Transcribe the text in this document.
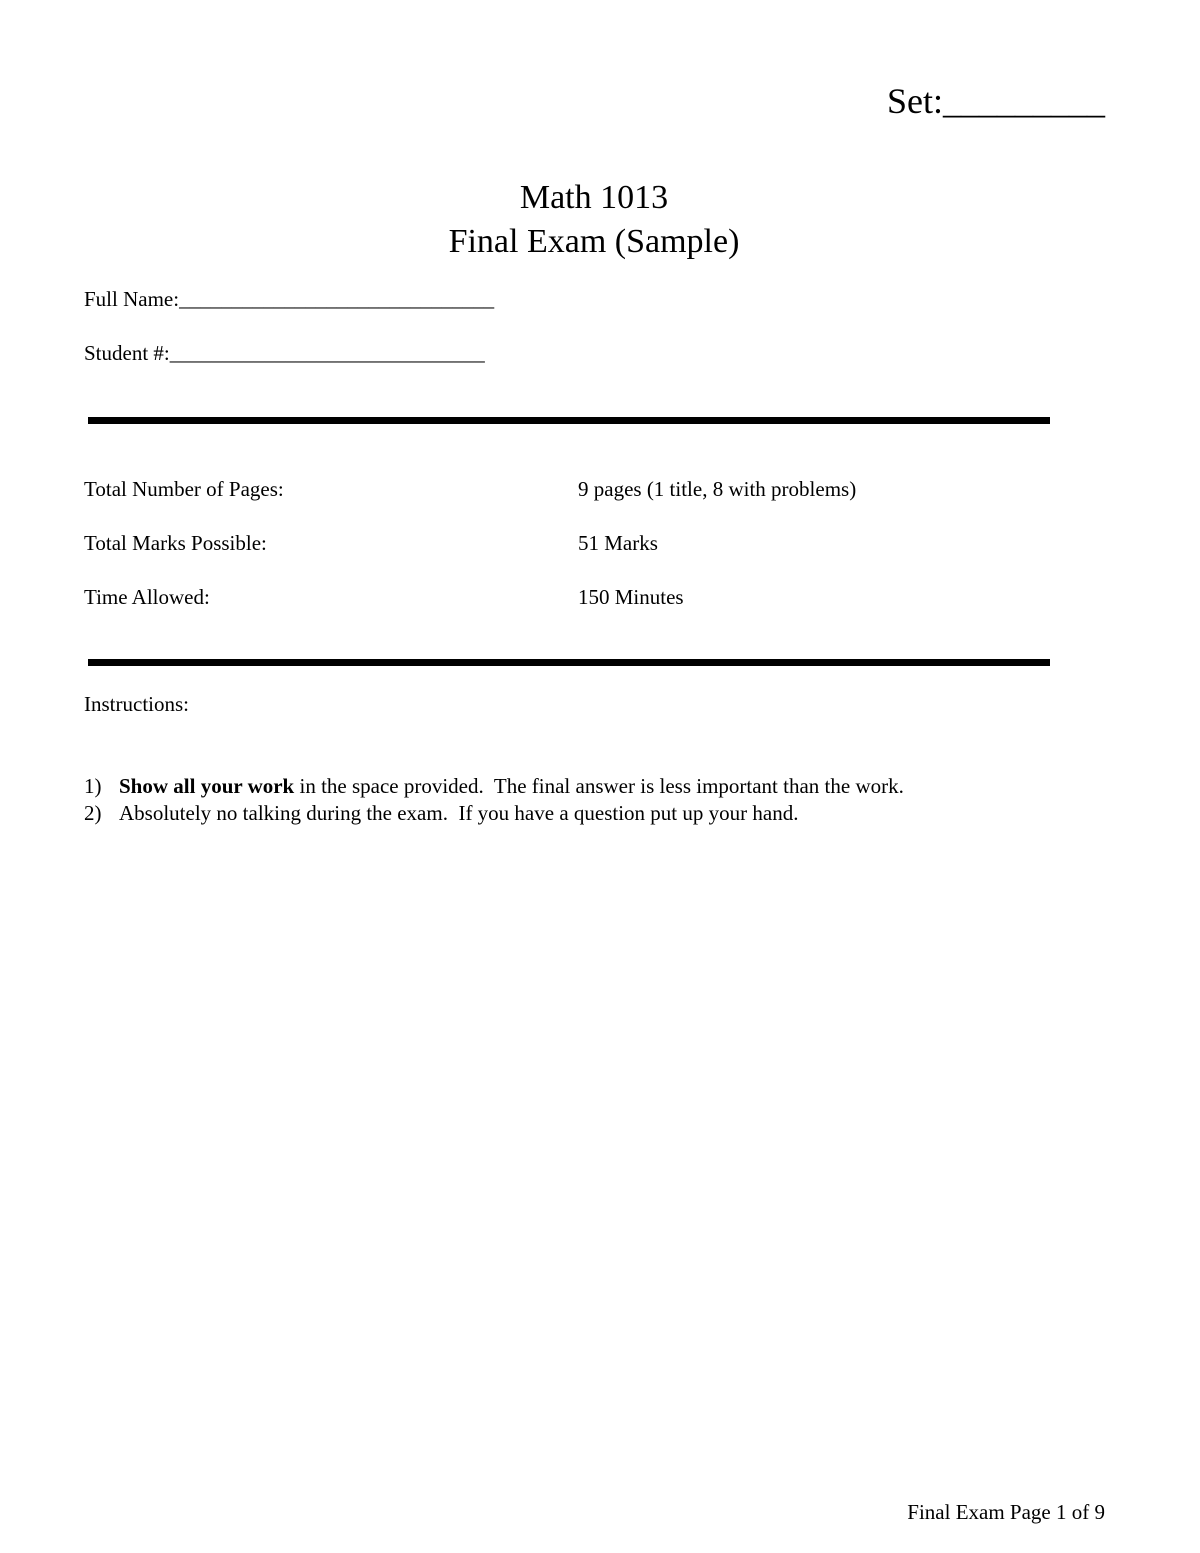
Set:_________
Math 1013
Final Exam (Sample)
Full Name:______________________________
Student #:______________________________
Total Number of Pages:	9 pages (1 title, 8 with problems)
Total Marks Possible:	51 Marks
Time Allowed:	150 Minutes
Instructions:
1) Show all your work in the space provided.  The final answer is less important than the work.
2) Absolutely no talking during the exam.  If you have a question put up your hand.
Final Exam Page 1 of 9
